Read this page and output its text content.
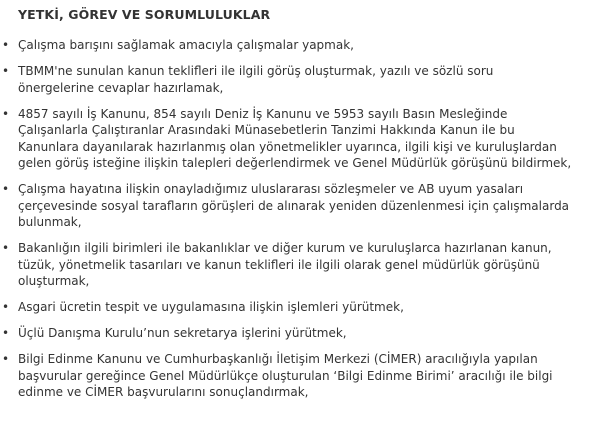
YETKİ, GÖREV VE SORUMLULUKLAR
• Çalışma barışını sağlamak amacıyla çalışmalar yapmak,
• TBMM'ne sunulan kanun teklifleri ile ilgili görüş oluşturmak, yazılı ve sözlü soru
önergelerine cevaplar hazırlamak,
• 4857 sayılı İş Kanunu, 854 sayılı Deniz İş Kanunu ve 5953 sayılı Basın Mesleğinde
Çalışanlarla Çalıştıranlar Arasındaki Münasebetlerin Tanzimi Hakkında Kanun ile bu
Kanunlara dayanılarak hazırlanmış olan yönetmelikler uyarınca, ilgili kişi ve kuruluşlardan
gelen görüş isteğine ilişkin talepleri değerlendirmek ve Genel Müdürlük görüşünü bildirmek,
• Çalışma hayatına ilişkin onayladığımız uluslararası sözleşmeler ve AB uyum yasaları
çerçevesinde sosyal tarafların görüşleri de alınarak yeniden düzenlenmesi için çalışmalarda
bulunmak,
• Bakanlığın ilgili birimleri ile bakanlıklar ve diğer kurum ve kuruluşlarca hazırlanan kanun,
tüzük, yönetmelik tasarıları ve kanun teklifleri ile ilgili olarak genel müdürlük görüşünü
oluşturmak,
• Asgari ücretin tespit ve uygulamasına ilişkin işlemleri yürütmek,
• Üçlü Danışma Kurulu’nun sekretarya işlerini yürütmek,
• Bilgi Edinme Kanunu ve Cumhurbaşkanlığı İletişim Merkezi (CİMER) aracılığıyla yapılan
başvurular gereğince Genel Müdürlükçe oluşturulan ‘Bilgi Edinme Birimi’ aracılığı ile bilgi
edinme ve CİMER başvurularını sonuçlandırmak,
